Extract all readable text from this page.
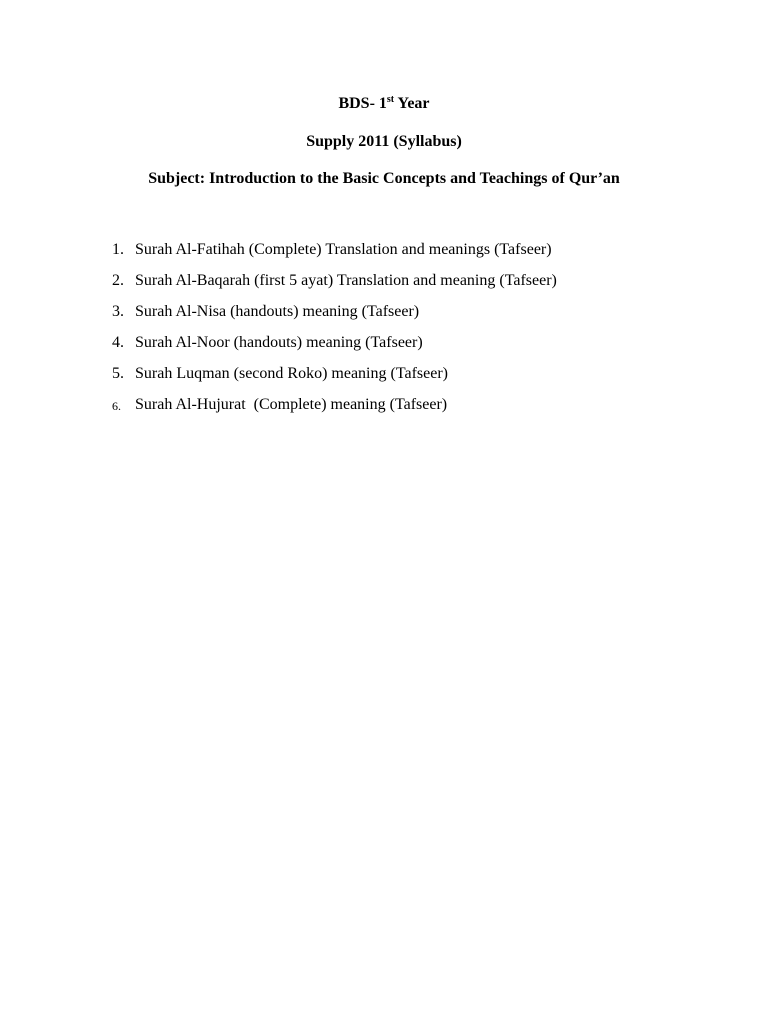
BDS- 1st Year
Supply 2011 (Syllabus)
Subject: Introduction to the Basic Concepts and Teachings of Qur’an

1.

Surah Al-Fatihah (Complete) Translation and meanings (Tafseer)

2.

Surah Al-Baqarah (first 5 ayat) Translation and meaning (Tafseer)

3.

Surah Al-Nisa (handouts) meaning (Tafseer)

4.

Surah Al-Noor (handouts) meaning (Tafseer)

5.

Surah Luqman (second Roko) meaning (Tafseer)

6.

Surah Al-Hujurat  (Complete) meaning (Tafseer)
